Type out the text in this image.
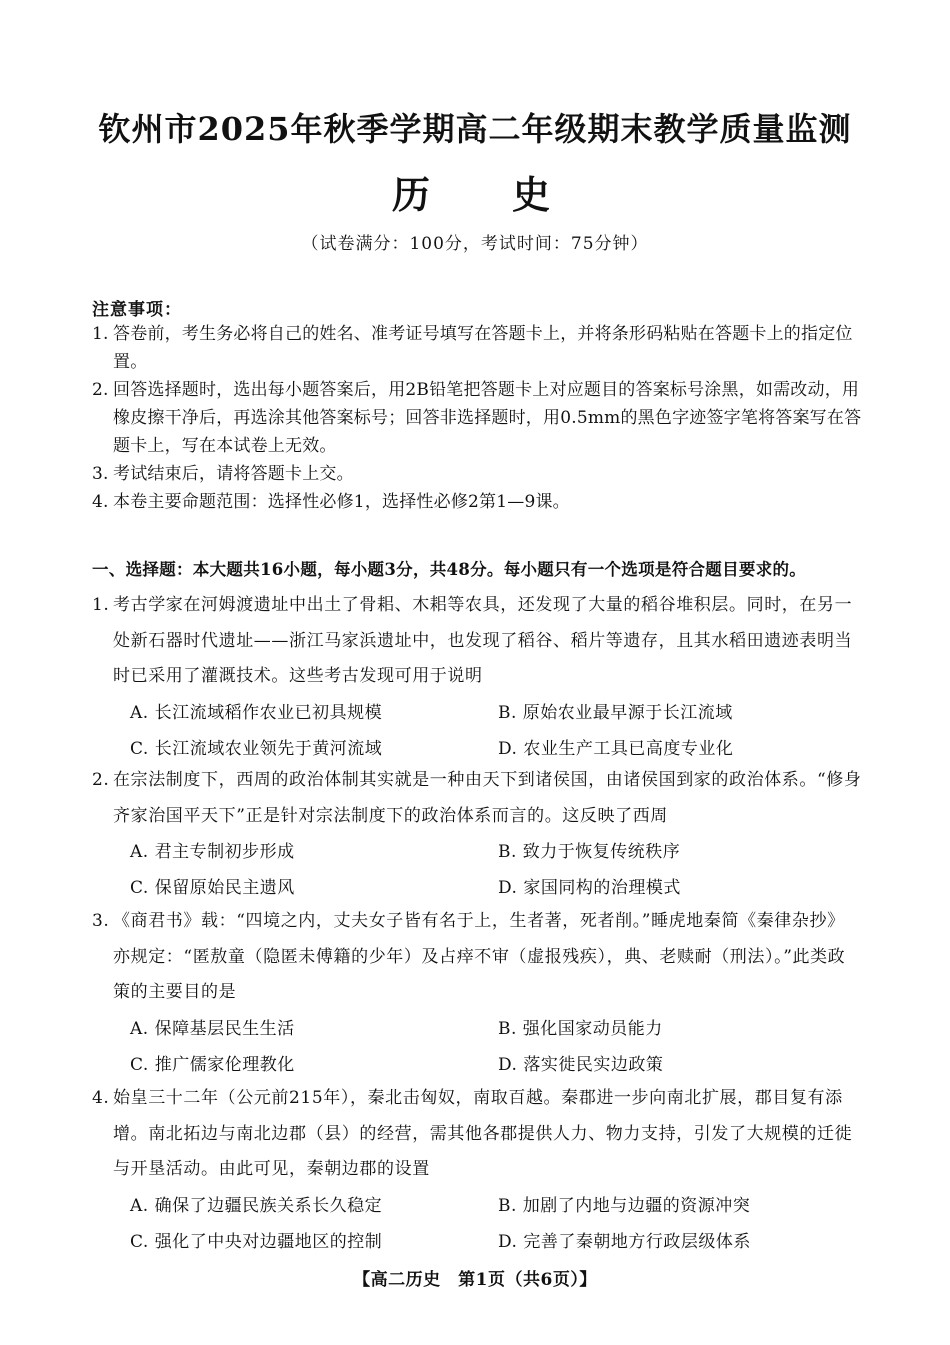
钦州市2025年秋季学期高二年级期末教学质量监测
历 史
（试卷满分：100分，考试时间：75分钟）
注意事项：
1. 答卷前，考生务必将自己的姓名、准考证号填写在答题卡上，并将条形码粘贴在答题卡上的指定位置。
2. 回答选择题时，选出每小题答案后，用2B铅笔把答题卡上对应题目的答案标号涂黑，如需改动，用橡皮擦干净后，再选涂其他答案标号；回答非选择题时，用0.5mm的黑色字迹签字笔将答案写在答题卡上，写在本试卷上无效。
3. 考试结束后，请将答题卡上交。
4. 本卷主要命题范围：选择性必修1，选择性必修2第1—9课。
一、选择题：本大题共16小题，每小题3分，共48分。每小题只有一个选项是符合题目要求的。
1. 考古学家在河姆渡遗址中出土了骨耜、木耜等农具，还发现了大量的稻谷堆积层。同时，在另一处新石器时代遗址——浙江马家浜遗址中，也发现了稻谷、稻片等遗存，且其水稻田遗迹表明当时已采用了灌溉技术。这些考古发现可用于说明
A. 长江流域稻作农业已初具规模	B. 原始农业最早源于长江流域
C. 长江流域农业领先于黄河流域	D. 农业生产工具已高度专业化
2. 在宗法制度下，西周的政治体制其实就是一种由天下到诸侯国，由诸侯国到家的政治体系。“修身齐家治国平天下”正是针对宗法制度下的政治体系而言的。这反映了西周
A. 君主专制初步形成	B. 致力于恢复传统秩序
C. 保留原始民主遗风	D. 家国同构的治理模式
3. 《商君书》载：“四境之内，丈夫女子皆有名于上，生者著，死者削。”睡虎地秦简《秦律杂抄》亦规定：“匿敖童（隐匿未傅籍的少年）及占㾕不审（虚报残疾），典、老赎耐（刑法）。”此类政策的主要目的是
A. 保障基层民生生活	B. 强化国家动员能力
C. 推广儒家伦理教化	D. 落实徙民实边政策
4. 始皇三十二年（公元前215年），秦北击匈奴，南取百越。秦郡进一步向南北扩展，郡目复有添增。南北拓边与南北边郡（县）的经营，需其他各郡提供人力、物力支持，引发了大规模的迁徙与开垦活动。由此可见，秦朝边郡的设置
A. 确保了边疆民族关系长久稳定	B. 加剧了内地与边疆的资源冲突
C. 强化了中央对边疆地区的控制	D. 完善了秦朝地方行政层级体系
【高二历史　第1页（共6页）】
